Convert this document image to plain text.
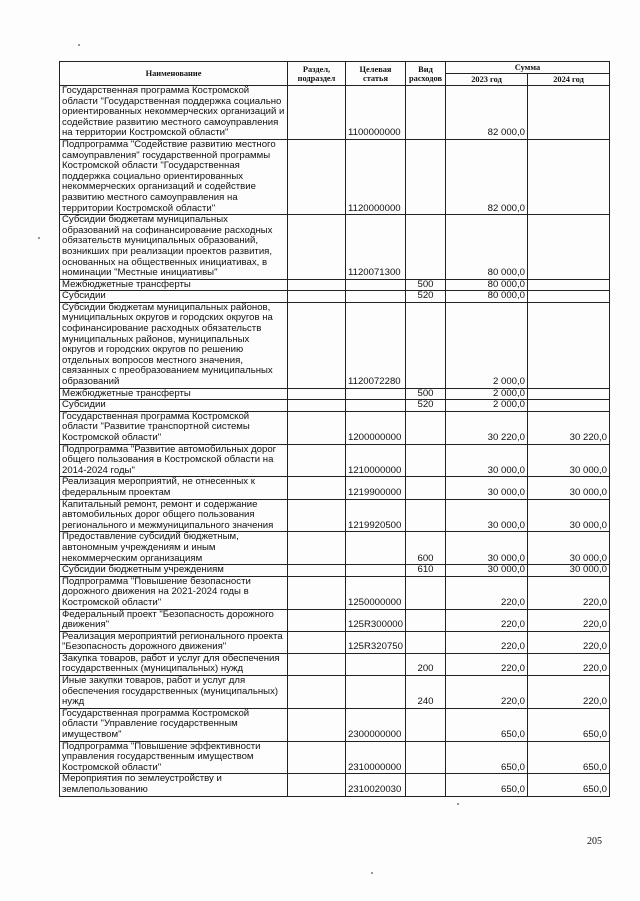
Наименование	Раздел, подраздел	Целевая статья	Вид расходов	Сумма	
				2023 год	2024 год
Государственная программа Костромской области "Государственная поддержка социально ориентированных некоммерческих организаций и содействие развитию местного самоуправления на территории Костромской области"		1100000000		82 000,0	
Подпрограмма "Содействие развитию местного самоуправления" государственной программы Костромской области "Государственная поддержка социально ориентированных некоммерческих организаций и содействие развитию местного самоуправления на территории Костромской области"		1120000000		82 000,0	
Субсидии бюджетам муниципальных образований на софинансирование расходных обязательств муниципальных образований, возникших при реализации проектов развития, основанных на общественных инициативах, в номинации "Местные инициативы"		1120071300		80 000,0	
Межбюджетные трансферты			500	80 000,0	
Субсидии			520	80 000,0	
Субсидии бюджетам муниципальных районов, муниципальных округов и городских округов на софинансирование расходных обязательств муниципальных районов, муниципальных округов и городских округов по решению отдельных вопросов местного значения, связанных с преобразованием муниципальных образований		1120072280		2 000,0	
Межбюджетные трансферты			500	2 000,0	
Субсидии			520	2 000,0	
Государственная программа Костромской области "Развитие транспортной системы Костромской области"		1200000000		30 220,0	30 220,0
Подпрограмма "Развитие автомобильных дорог общего пользования в Костромской области на 2014-2024 годы"		1210000000		30 000,0	30 000,0
Реализация мероприятий, не отнесенных к федеральным проектам		1219900000		30 000,0	30 000,0
Капитальный ремонт, ремонт и содержание автомобильных дорог общего пользования регионального и межмуниципального значения		1219920500		30 000,0	30 000,0
Предоставление субсидий бюджетным, автономным учреждениям и иным некоммерческим организациям			600	30 000,0	30 000,0
Субсидии бюджетным учреждениям			610	30 000,0	30 000,0
Подпрограмма "Повышение безопасности дорожного движения на 2021-2024 годы в Костромской области"		1250000000		220,0	220,0
Федеральный проект "Безопасность дорожного движения"		125R300000		220,0	220,0
Реализация мероприятий регионального проекта "Безопасность дорожного движения"		125R320750		220,0	220,0
Закупка товаров, работ и услуг для обеспечения государственных (муниципальных) нужд			200	220,0	220,0
Иные закупки товаров, работ и услуг для обеспечения государственных (муниципальных) нужд			240	220,0	220,0
Государственная программа Костромской области "Управление государственным имуществом"		2300000000		650,0	650,0
Подпрограмма "Повышение эффективности управления государственным имуществом Костромской области"		2310000000		650,0	650,0
Мероприятия по землеустройству и землепользованию		2310020030		650,0	650,0
205
